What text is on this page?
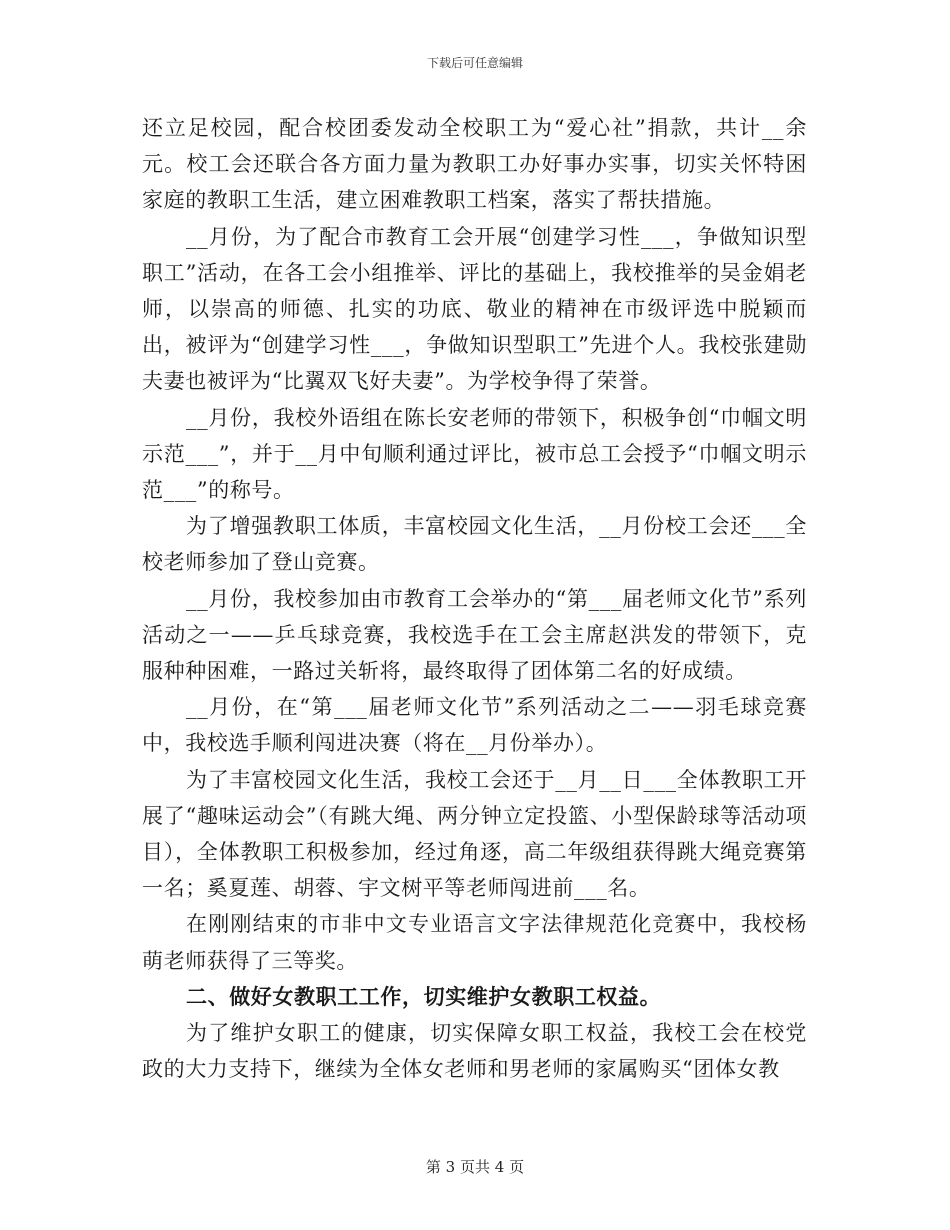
下载后可任意编辑

还立足校园，配合校团委发动全校职工为“爱心社”捐款，共计__余元。校工会还联合各方面力量为教职工办好事办实事，切实关怀特困家庭的教职工生活，建立困难教职工档案，落实了帮扶措施。

__月份，为了配合市教育工会开展“创建学习性___，争做知识型职工”活动，在各工会小组推举、评比的基础上，我校推举的吴金娟老师，以崇高的师德、扎实的功底、敬业的精神在市级评选中脱颖而出，被评为“创建学习性___，争做知识型职工”先进个人。我校张建勋夫妻也被评为“比翼双飞好夫妻”。为学校争得了荣誉。

__月份，我校外语组在陈长安老师的带领下，积极争创“巾帼文明示范___”，并于__月中旬顺利通过评比，被市总工会授予“巾帼文明示范___”的称号。

为了增强教职工体质，丰富校园文化生活，__月份校工会还___全校老师参加了登山竞赛。

__月份，我校参加由市教育工会举办的“第___届老师文化节”系列活动之一——乒乓球竞赛，我校选手在工会主席赵洪发的带领下，克服种种困难，一路过关斩将，最终取得了团体第二名的好成绩。

__月份，在“第___届老师文化节”系列活动之二——羽毛球竞赛中，我校选手顺利闯进决赛（将在__月份举办）。

为了丰富校园文化生活，我校工会还于__月__日___全体教职工开展了“趣味运动会”（有跳大绳、两分钟立定投篮、小型保龄球等活动项目），全体教职工积极参加，经过角逐，高二年级组获得跳大绳竞赛第一名；奚夏莲、胡蓉、宇文树平等老师闯进前___名。

在刚刚结束的市非中文专业语言文字法律规范化竞赛中，我校杨萌老师获得了三等奖。

二、做好女教职工工作，切实维护女教职工权益。

为了维护女职工的健康，切实保障女职工权益，我校工会在校党政的大力支持下，继续为全体女老师和男老师的家属购买“团体女教

第 3 页共 4 页
